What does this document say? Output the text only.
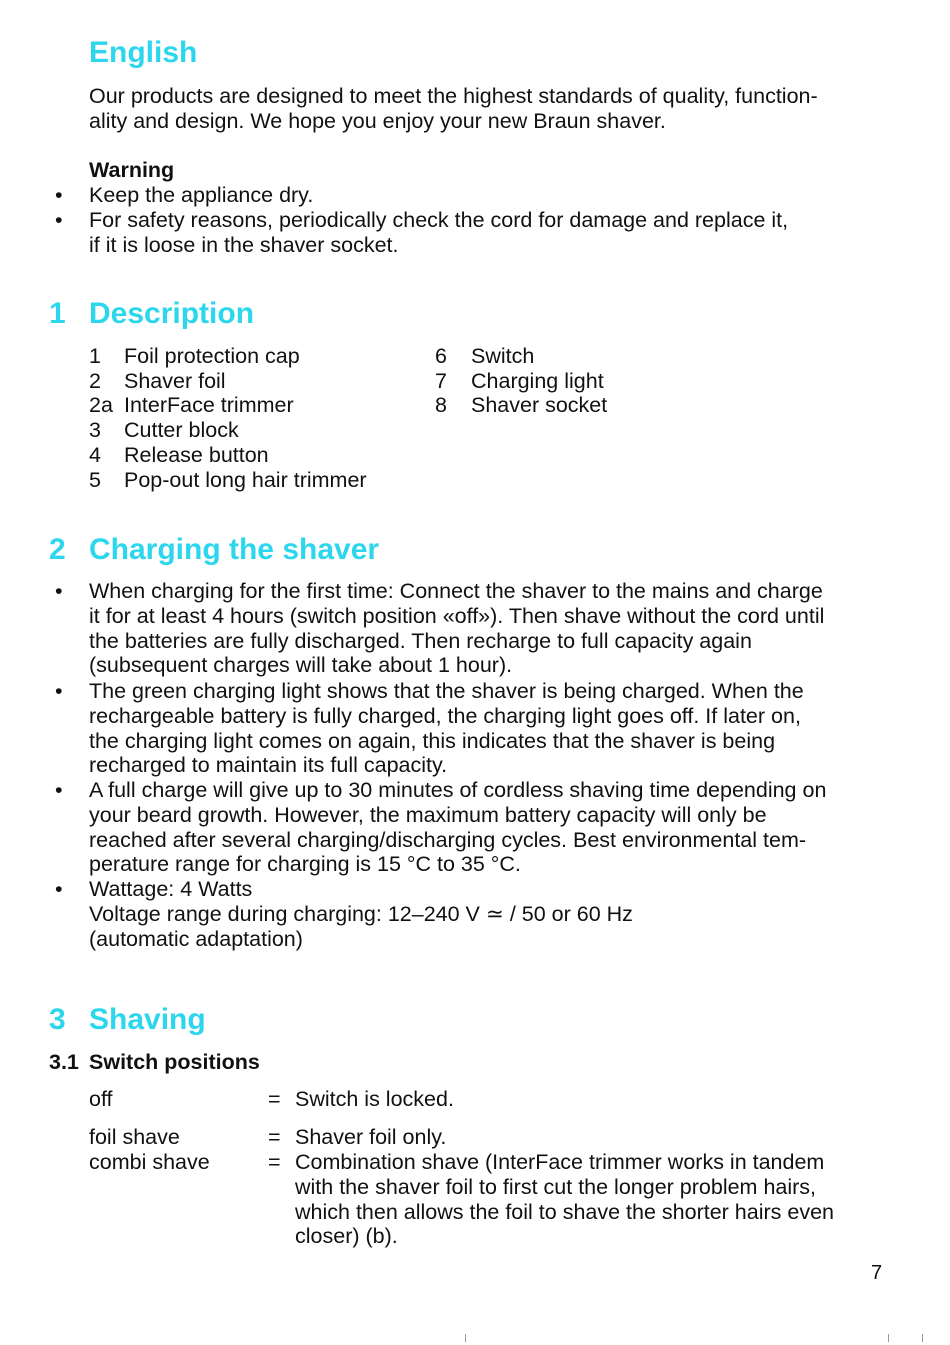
English
Our products are designed to meet the highest standards of quality, function-
ality and design. We hope you enjoy your new Braun shaver.
Warning
• Keep the appliance dry.
• For safety reasons, periodically check the cord for damage and replace it,
if it is loose in the shaver socket.
1 Description
1 Foil protection cap
2 Shaver foil
2a InterFace trimmer
3 Cutter block
4 Release button
5 Pop-out long hair trimmer
6 Switch
7 Charging light
8 Shaver socket
2 Charging the shaver
• When charging for the first time: Connect the shaver to the mains and charge
it for at least 4 hours (switch position «off»). Then shave without the cord until
the batteries are fully discharged. Then recharge to full capacity again
(subsequent charges will take about 1 hour).
• The green charging light shows that the shaver is being charged. When the
rechargeable battery is fully charged, the charging light goes off. If later on,
the charging light comes on again, this indicates that the shaver is being
recharged to maintain its full capacity.
• A full charge will give up to 30 minutes of cordless shaving time depending on
your beard growth. However, the maximum battery capacity will only be
reached after several charging/discharging cycles. Best environmental tem-
perature range for charging is 15 °C to 35 °C.
• Wattage: 4 Watts
Voltage range during charging: 12–240 V ≃ / 50 or 60 Hz
(automatic adaptation)
3 Shaving
3.1 Switch positions
off	= Switch is locked.
foil shave	= Shaver foil only.
combi shave	= Combination shave (InterFace trimmer works in tandem
with the shaver foil to first cut the longer problem hairs,
which then allows the foil to shave the shorter hairs even
closer) (b).
7
